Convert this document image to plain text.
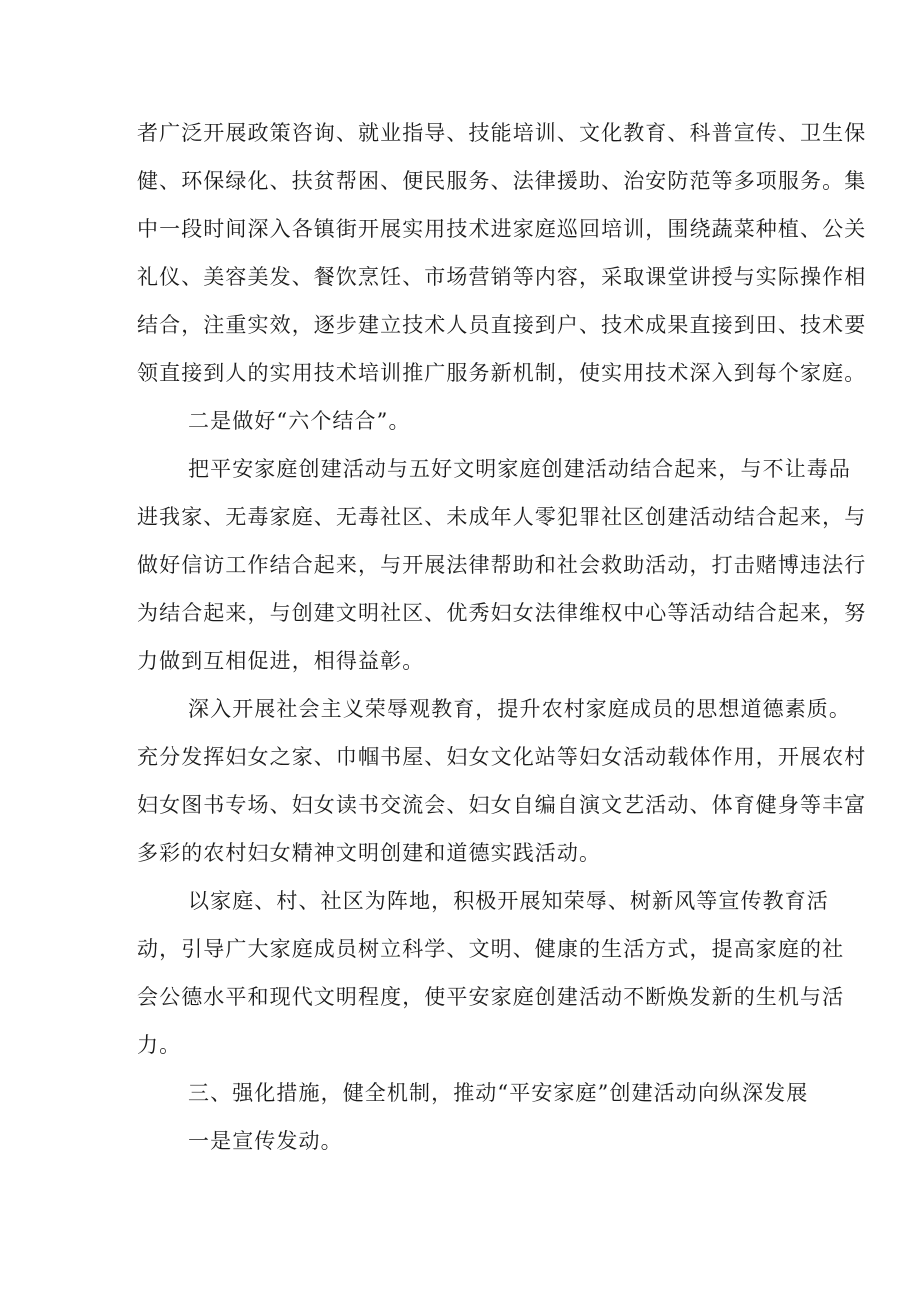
者广泛开展政策咨询、就业指导、技能培训、文化教育、科普宣传、卫生保
健、环保绿化、扶贫帮困、便民服务、法律援助、治安防范等多项服务。集
中一段时间深入各镇街开展实用技术进家庭巡回培训，围绕蔬菜种植、公关
礼仪、美容美发、餐饮烹饪、市场营销等内容，采取课堂讲授与实际操作相
结合，注重实效，逐步建立技术人员直接到户、技术成果直接到田、技术要
领直接到人的实用技术培训推广服务新机制，使实用技术深入到每个家庭。
二是做好“六个结合”。
把平安家庭创建活动与五好文明家庭创建活动结合起来，与不让毒品
进我家、无毒家庭、无毒社区、未成年人零犯罪社区创建活动结合起来，与
做好信访工作结合起来，与开展法律帮助和社会救助活动，打击赌博违法行
为结合起来，与创建文明社区、优秀妇女法律维权中心等活动结合起来，努
力做到互相促进，相得益彰。
深入开展社会主义荣辱观教育，提升农村家庭成员的思想道德素质。
充分发挥妇女之家、巾帼书屋、妇女文化站等妇女活动载体作用，开展农村
妇女图书专场、妇女读书交流会、妇女自编自演文艺活动、体育健身等丰富
多彩的农村妇女精神文明创建和道德实践活动。
以家庭、村、社区为阵地，积极开展知荣辱、树新风等宣传教育活
动，引导广大家庭成员树立科学、文明、健康的生活方式，提高家庭的社
会公德水平和现代文明程度，使平安家庭创建活动不断焕发新的生机与活
力。
三、强化措施，健全机制，推动“平安家庭”创建活动向纵深发展
一是宣传发动。
